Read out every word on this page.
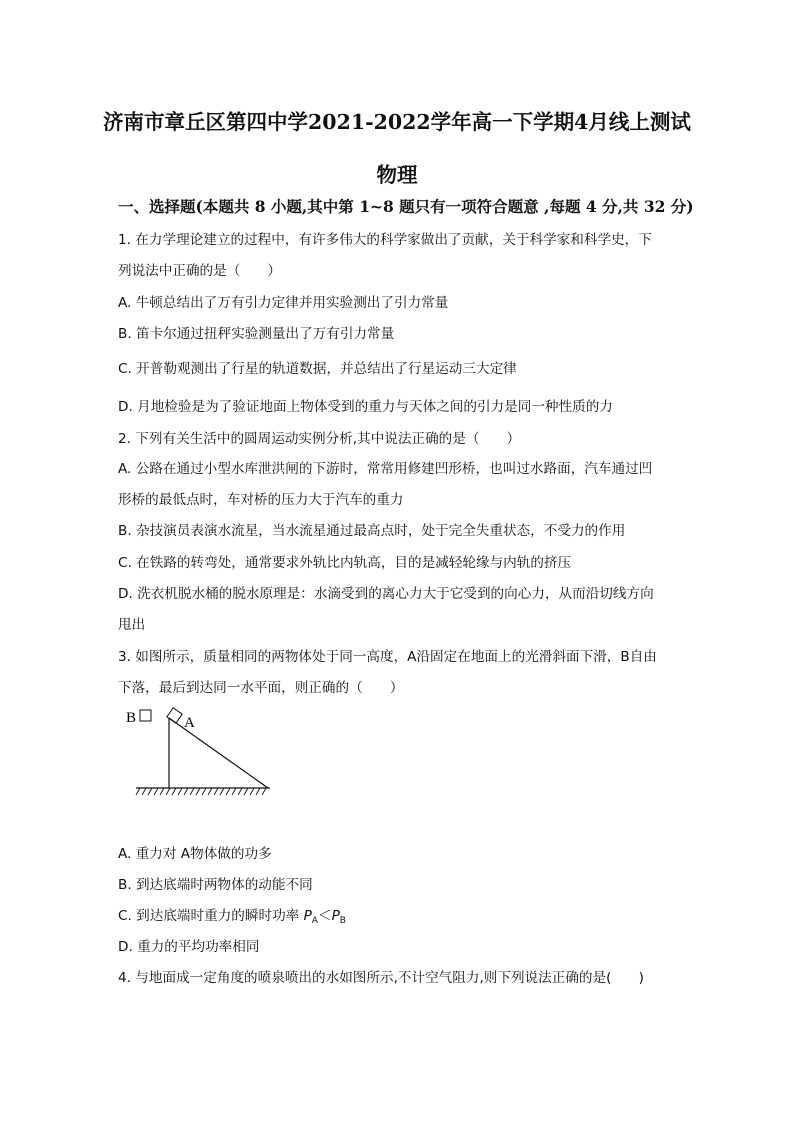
济南市章丘区第四中学2021-2022学年高一下学期4月线上测试
物理
一、选择题(本题共 8 小题,其中第 1~8 题只有一项符合题意 ,每题 4 分,共 32 分)
1. 在力学理论建立的过程中，有许多伟大的科学家做出了贡献，关于科学家和科学史，下
列说法中正确的是（　　）
A. 牛顿总结出了万有引力定律并用实验测出了引力常量
B. 笛卡尔通过扭秤实验测量出了万有引力常量
C. 开普勒观测出了行星的轨道数据，并总结出了行星运动三大定律
D. 月地检验是为了验证地面上物体受到的重力与天体之间的引力是同一种性质的力
2. 下列有关生活中的圆周运动实例分析,其中说法正确的是（　　）
A. 公路在通过小型水库泄洪闸的下游时，常常用修建凹形桥，也叫过水路面，汽车通过凹
形桥的最低点时，车对桥的压力大于汽车的重力
B. 杂技演员表演水流星，当水流星通过最高点时，处于完全失重状态，不受力的作用
C. 在铁路的转弯处，通常要求外轨比内轨高，目的是减轻轮缘与内轨的挤压
D. 洗衣机脱水桶的脱水原理是：水滴受到的离心力大于它受到的向心力，从而沿切线方向
甩出
3. 如图所示，质量相同的两物体处于同一高度，A沿固定在地面上的光滑斜面下滑，B自由
下落，最后到达同一水平面，则正确的（　　）
B	A
A. 重力对 A物体做的功多
B. 到达底端时两物体的动能不同
C. 到达底端时重力的瞬时功率 $P_A<P_B$
D. 重力的平均功率相同
4. 与地面成一定角度的喷泉喷出的水如图所示,不计空气阻力,则下列说法正确的是(　　)
